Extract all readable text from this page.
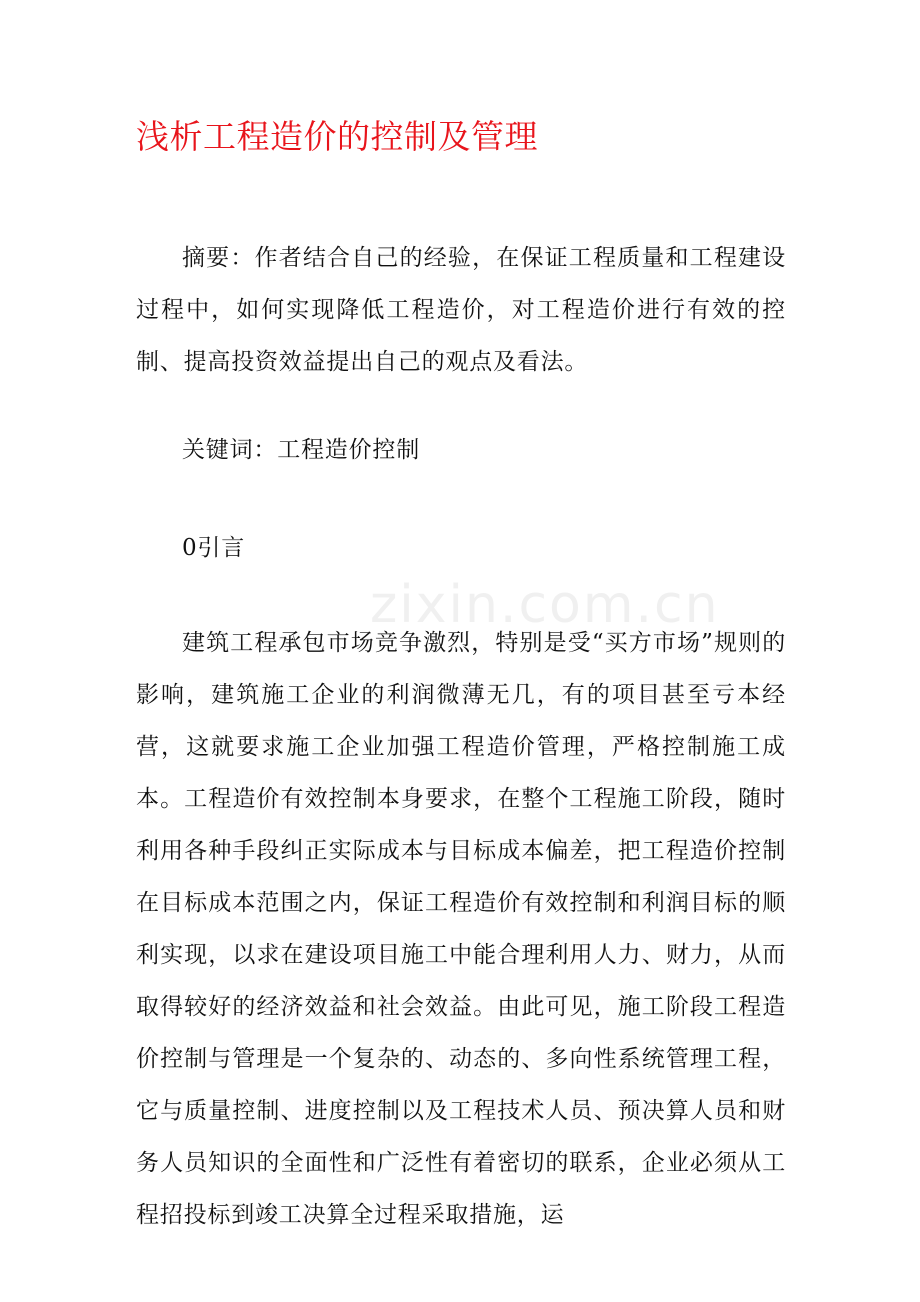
zixin.com.cn
浅析工程造价的控制及管理

摘要：作者结合自己的经验，在保证工程质量和工程建设过程中，如何实现降低工程造价，对工程造价进行有效的控制、提高投资效益提出自己的观点及看法。

关键词：工程造价控制

0引言

建筑工程承包市场竞争激烈，特别是受“买方市场”规则的影响，建筑施工企业的利润微薄无几，有的项目甚至亏本经营，这就要求施工企业加强工程造价管理，严格控制施工成本。工程造价有效控制本身要求，在整个工程施工阶段，随时利用各种手段纠正实际成本与目标成本偏差，把工程造价控制在目标成本范围之内，保证工程造价有效控制和利润目标的顺利实现，以求在建设项目施工中能合理利用人力、财力，从而取得较好的经济效益和社会效益。由此可见，施工阶段工程造价控制与管理是一个复杂的、动态的、多向性系统管理工程，它与质量控制、进度控制以及工程技术人员、预决算人员和财务人员知识的全面性和广泛性有着密切的联系，企业必须从工程招投标到竣工决算全过程采取措施，运
